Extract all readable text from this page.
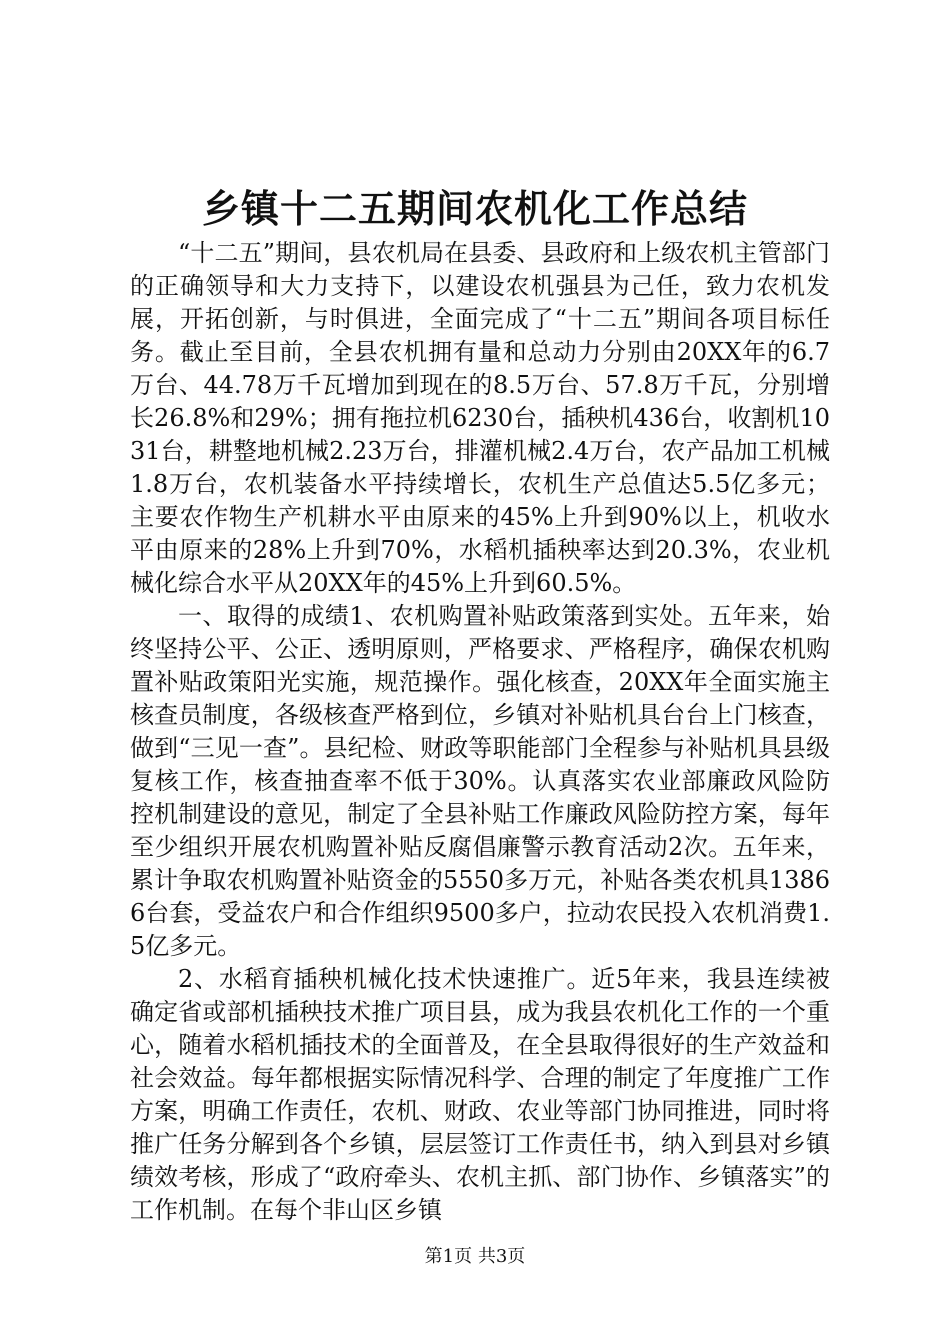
乡镇十二五期间农机化工作总结

“十二五”期间，县农机局在县委、县政府和上级农机主管部门的正确领导和大力支持下，以建设农机强县为己任，致力农机发展，开拓创新，与时俱进，全面完成了“十二五”期间各项目标任务。截止至目前，全县农机拥有量和总动力分别由20XX年的6.7万台、44.78万千瓦增加到现在的8.5万台、57.8万千瓦，分别增长26.8%和29%；拥有拖拉机6230台，插秧机436台，收割机1031台，耕整地机械2.23万台，排灌机械2.4万台，农产品加工机械1.8万台，农机装备水平持续增长，农机生产总值达5.5亿多元；主要农作物生产机耕水平由原来的45%上升到90%以上，机收水平由原来的28%上升到70%，水稻机插秧率达到20.3%，农业机械化综合水平从20XX年的45%上升到60.5%。

一、取得的成绩1、农机购置补贴政策落到实处。五年来，始终坚持公平、公正、透明原则，严格要求、严格程序，确保农机购置补贴政策阳光实施，规范操作。强化核查，20XX年全面实施主核查员制度，各级核查严格到位，乡镇对补贴机具台台上门核查，做到“三见一查”。县纪检、财政等职能部门全程参与补贴机具县级复核工作，核查抽查率不低于30%。认真落实农业部廉政风险防控机制建设的意见，制定了全县补贴工作廉政风险防控方案，每年至少组织开展农机购置补贴反腐倡廉警示教育活动2次。五年来，累计争取农机购置补贴资金的5550多万元，补贴各类农机具13866台套，受益农户和合作组织9500多户，拉动农民投入农机消费1.5亿多元。

2、水稻育插秧机械化技术快速推广。近5年来，我县连续被确定省或部机插秧技术推广项目县，成为我县农机化工作的一个重心，随着水稻机插技术的全面普及，在全县取得很好的生产效益和社会效益。每年都根据实际情况科学、合理的制定了年度推广工作方案，明确工作责任，农机、财政、农业等部门协同推进，同时将推广任务分解到各个乡镇，层层签订工作责任书，纳入到县对乡镇绩效考核，形成了“政府牵头、农机主抓、部门协作、乡镇落实”的工作机制。在每个非山区乡镇

第1页 共3页
